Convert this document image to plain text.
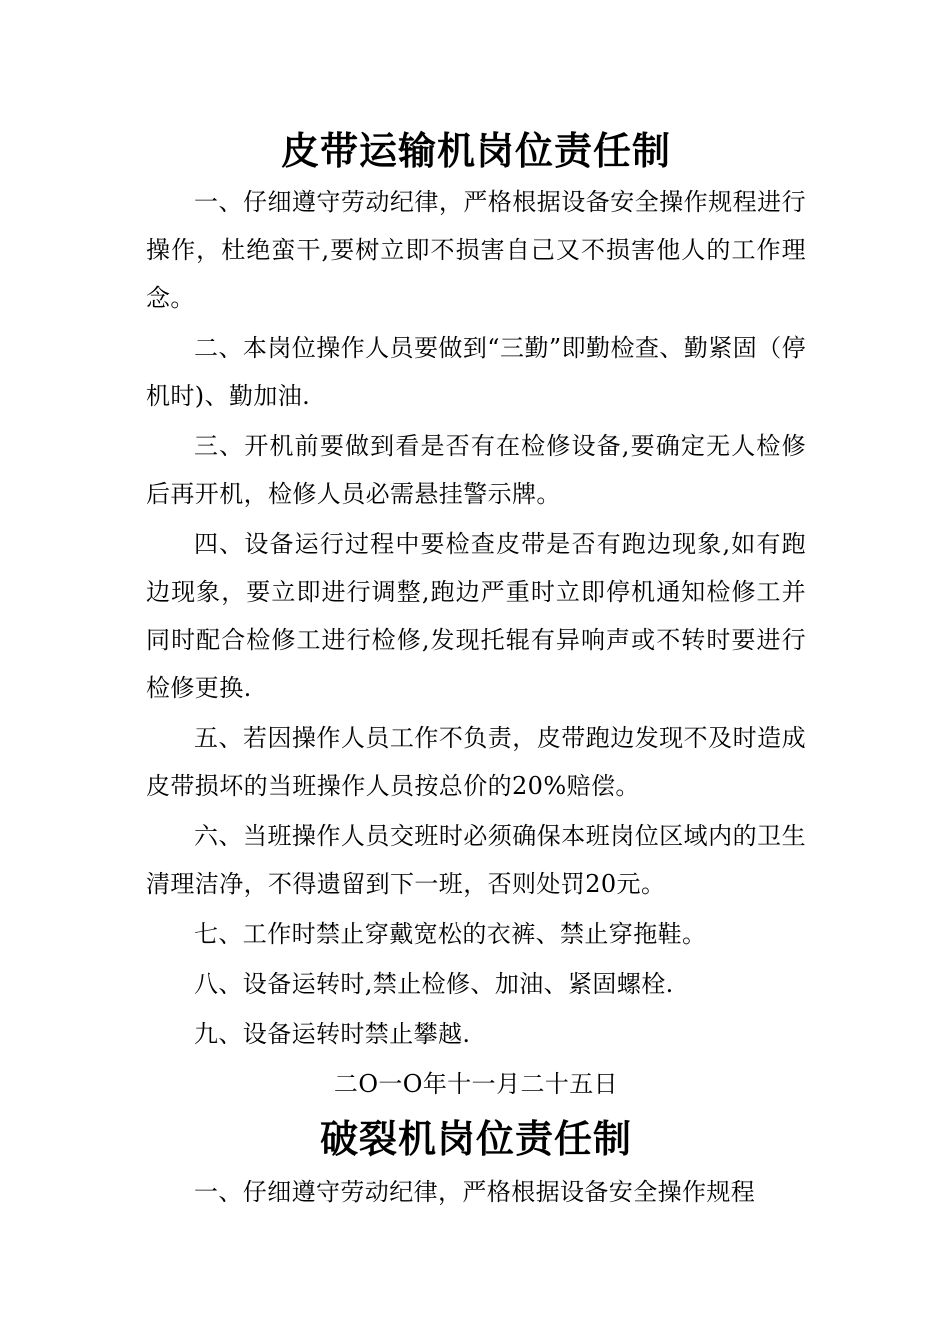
皮带运输机岗位责任制

一、仔细遵守劳动纪律，严格根据设备安全操作规程进行操作，杜绝蛮干,要树立即不损害自己又不损害他人的工作理念。

二、本岗位操作人员要做到“三勤”即勤检查、勤紧固（停机时)、勤加油.

三、开机前要做到看是否有在检修设备,要确定无人检修后再开机，检修人员必需悬挂警示牌。

四、设备运行过程中要检查皮带是否有跑边现象,如有跑边现象，要立即进行调整,跑边严重时立即停机通知检修工并同时配合检修工进行检修,发现托辊有异响声或不转时要进行检修更换.

五、若因操作人员工作不负责，皮带跑边发现不及时造成皮带损坏的当班操作人员按总价的20%赔偿。

六、当班操作人员交班时必须确保本班岗位区域内的卫生清理洁净，不得遗留到下一班，否则处罚20元。

七、工作时禁止穿戴宽松的衣裤、禁止穿拖鞋。

八、设备运转时,禁止检修、加油、紧固螺栓.

九、设备运转时禁止攀越.

二O一O年十一月二十五日

破裂机岗位责任制

一、仔细遵守劳动纪律，严格根据设备安全操作规程
